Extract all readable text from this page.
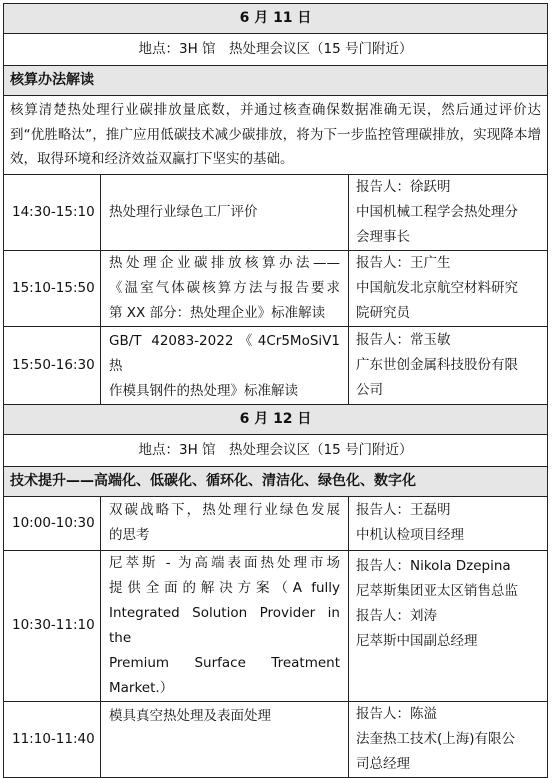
6 月 11 日		
地点：3H 馆　热处理会议区（15 号门附近）		
核算办法解读		
核算清楚热处理行业碳排放量底数，并通过核查确保数据准确无误，然后通过评价达到“优胜略汰”，推广应用低碳技术减少碳排放，将为下一步监控管理碳排放，实现降本增效，取得环境和经济效益双赢打下坚实的基础。		
14:30-15:10	热处理行业绿色工厂评价	报告人：徐跃明
中国机械工程学会热处理分
会理事长

15:10-15:50	热处理企业碳排放核算办法——
《温室气体碳核算方法与报告要求
第 XX 部分：热处理企业》标准解读	报告人：王广生
中国航发北京航空材料研究
院研究员

15:50-16:30	GB/T 42083-2022《4Cr5MoSiV1 热
作模具钢件的热处理》标准解读	报告人：常玉敏
广东世创金属科技股份有限
公司

6 月 12 日		
地点：3H 馆　热处理会议区（15 号门附近）		
技术提升——高端化、低碳化、循环化、清洁化、绿色化、数字化		
10:00-10:30	双碳战略下，热处理行业绿色发展
的思考	报告人：王磊明
中机认检项目经理

10:30-11:10	尼萃斯 - 为高端表面热处理市场
提供全面的解决方案（A fully
Integrated Solution Provider in the
Premium Surface Treatment
Market.）	报告人：Nikola Dzepina
尼萃斯集团亚太区销售总监
报告人：刘涛
尼萃斯中国副总经理

11:10-11:40	模具真空热处理及表面处理	报告人：陈溢
法奎热工技术(上海)有限公
司总经理
